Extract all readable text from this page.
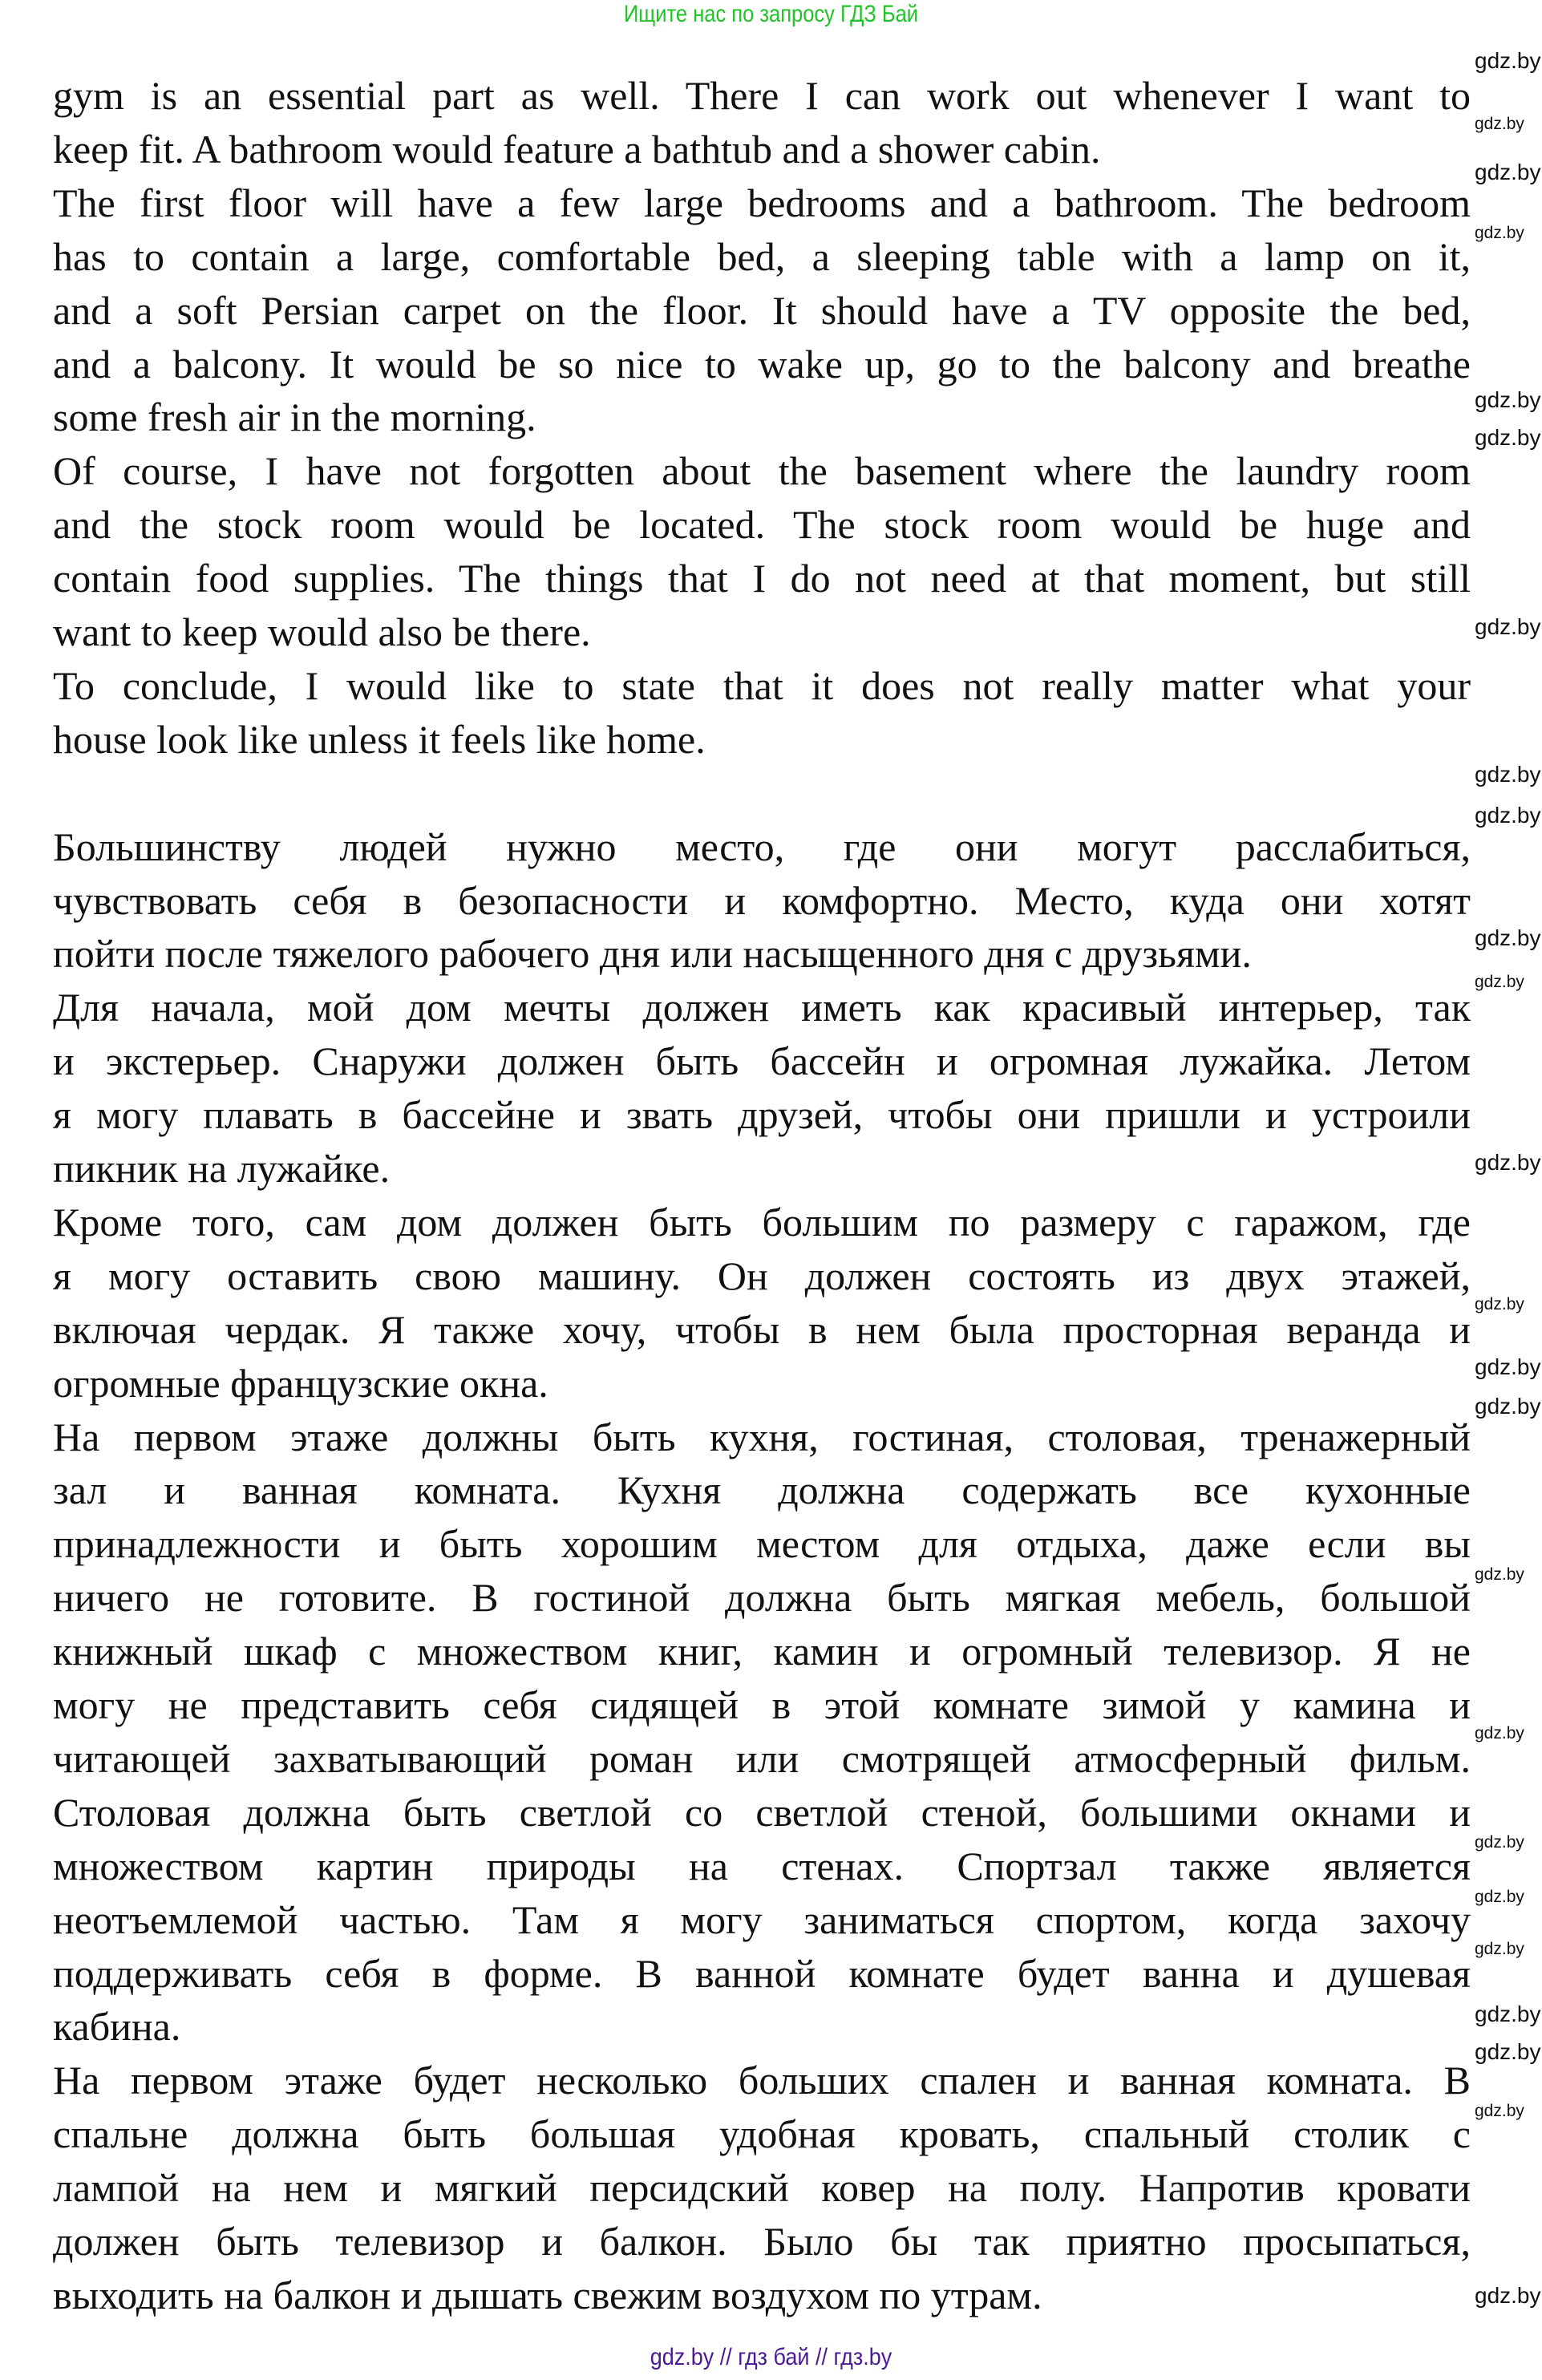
Ищите нас по запросу ГДЗ Бай
gym is an essential part as well. There I can work out whenever I want to
keep fit. A bathroom would feature a bathtub and a shower cabin.
The first floor will have a few large bedrooms and a bathroom. The bedroom
has to contain a large, comfortable bed, a sleeping table with a lamp on it,
and a soft Persian carpet on the floor. It should have a TV opposite the bed,
and a balcony. It would be so nice to wake up, go to the balcony and breathe
some fresh air in the morning.
Of course, I have not forgotten about the basement where the laundry room
and the stock room would be located. The stock room would be huge and
contain food supplies. The things that I do not need at that moment, but still
want to keep would also be there.
To conclude, I would like to state that it does not really matter what your
house look like unless it feels like home.
Большинству людей нужно место, где они могут расслабиться,
чувствовать себя в безопасности и комфортно. Место, куда они хотят
пойти после тяжелого рабочего дня или насыщенного дня с друзьями.
Для начала, мой дом мечты должен иметь как красивый интерьер, так
и экстерьер. Снаружи должен быть бассейн и огромная лужайка. Летом
я могу плавать в бассейне и звать друзей, чтобы они пришли и устроили
пикник на лужайке.
Кроме того, сам дом должен быть большим по размеру с гаражом, где
я могу оставить свою машину. Он должен состоять из двух этажей,
включая чердак. Я также хочу, чтобы в нем была просторная веранда и
огромные французские окна.
На первом этаже должны быть кухня, гостиная, столовая, тренажерный
зал и ванная комната. Кухня должна содержать все кухонные
принадлежности и быть хорошим местом для отдыха, даже если вы
ничего не готовите. В гостиной должна быть мягкая мебель, большой
книжный шкаф с множеством книг, камин и огромный телевизор. Я не
могу не представить себя сидящей в этой комнате зимой у камина и
читающей захватывающий роман или смотрящей атмосферный фильм.
Столовая должна быть светлой со светлой стеной, большими окнами и
множеством картин природы на стенах. Спортзал также является
неотъемлемой частью. Там я могу заниматься спортом, когда захочу
поддерживать себя в форме. В ванной комнате будет ванна и душевая
кабина.
На первом этаже будет несколько больших спален и ванная комната. В
спальне должна быть большая удобная кровать, спальный столик с
лампой на нем и мягкий персидский ковер на полу. Напротив кровати
должен быть телевизор и балкон. Было бы так приятно просыпаться,
выходить на балкон и дышать свежим воздухом по утрам.
gdz.by
gdz.by
gdz.by
gdz.by
gdz.by
gdz.by
gdz.by
gdz.by
gdz.by
gdz.by
gdz.by
gdz.by
gdz.by
gdz.by
gdz.by
gdz.by
gdz.by
gdz.by
gdz.by
gdz.by
gdz.by
gdz.by
gdz.by
gdz.by
gdz.by // гдз бай // гдз.by
